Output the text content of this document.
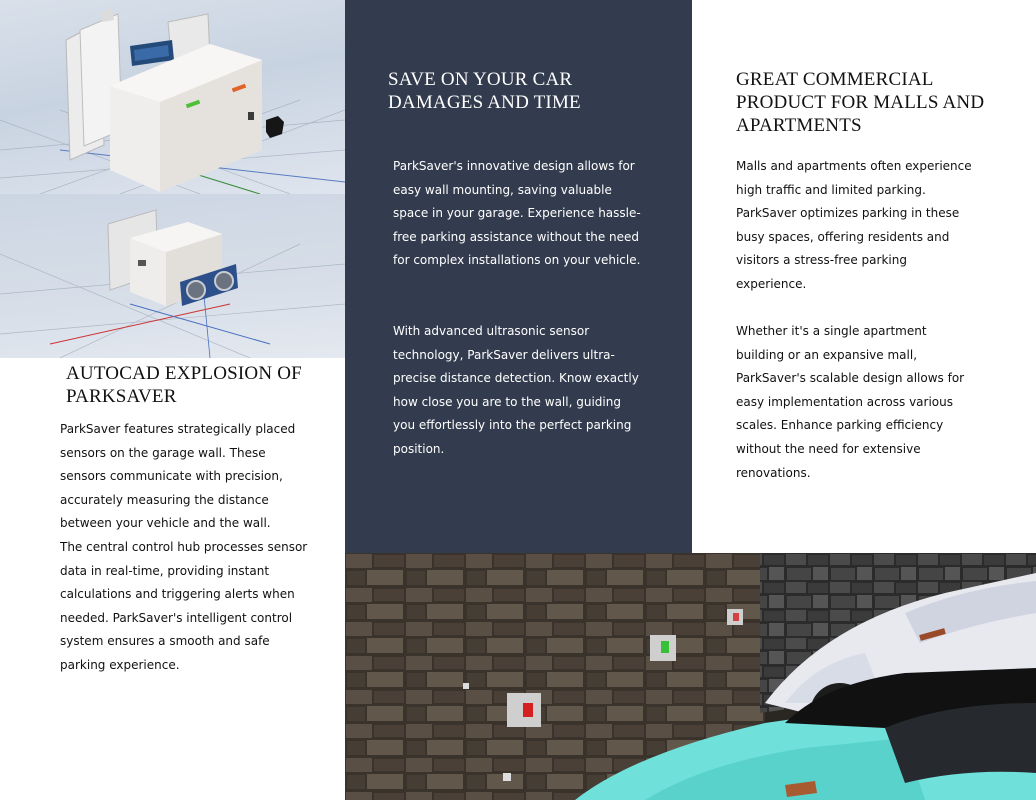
AUTOCAD EXPLOSION OF PARKSAVER
ParkSaver features strategically placed sensors on the garage wall. These sensors communicate with precision, accurately measuring the distance between your vehicle and the wall.
The central control hub processes sensor data in real-time, providing instant calculations and triggering alerts when needed. ParkSaver's intelligent control system ensures a smooth and safe parking experience.
SAVE ON YOUR CAR DAMAGES AND TIME
ParkSaver's innovative design allows for easy wall mounting, saving valuable space in your garage. Experience hassle-free parking assistance without the need for complex installations on your vehicle.
With advanced ultrasonic sensor technology, ParkSaver delivers ultra-precise distance detection. Know exactly how close you are to the wall, guiding you effortlessly into the perfect parking position.
GREAT COMMERCIAL PRODUCT FOR MALLS AND APARTMENTS
Malls and apartments often experience high traffic and limited parking. ParkSaver optimizes parking in these busy spaces, offering residents and visitors a stress-free parking experience.
Whether it's a single apartment building or an expansive mall, ParkSaver's scalable design allows for easy implementation across various scales. Enhance parking efficiency without the need for extensive renovations.
